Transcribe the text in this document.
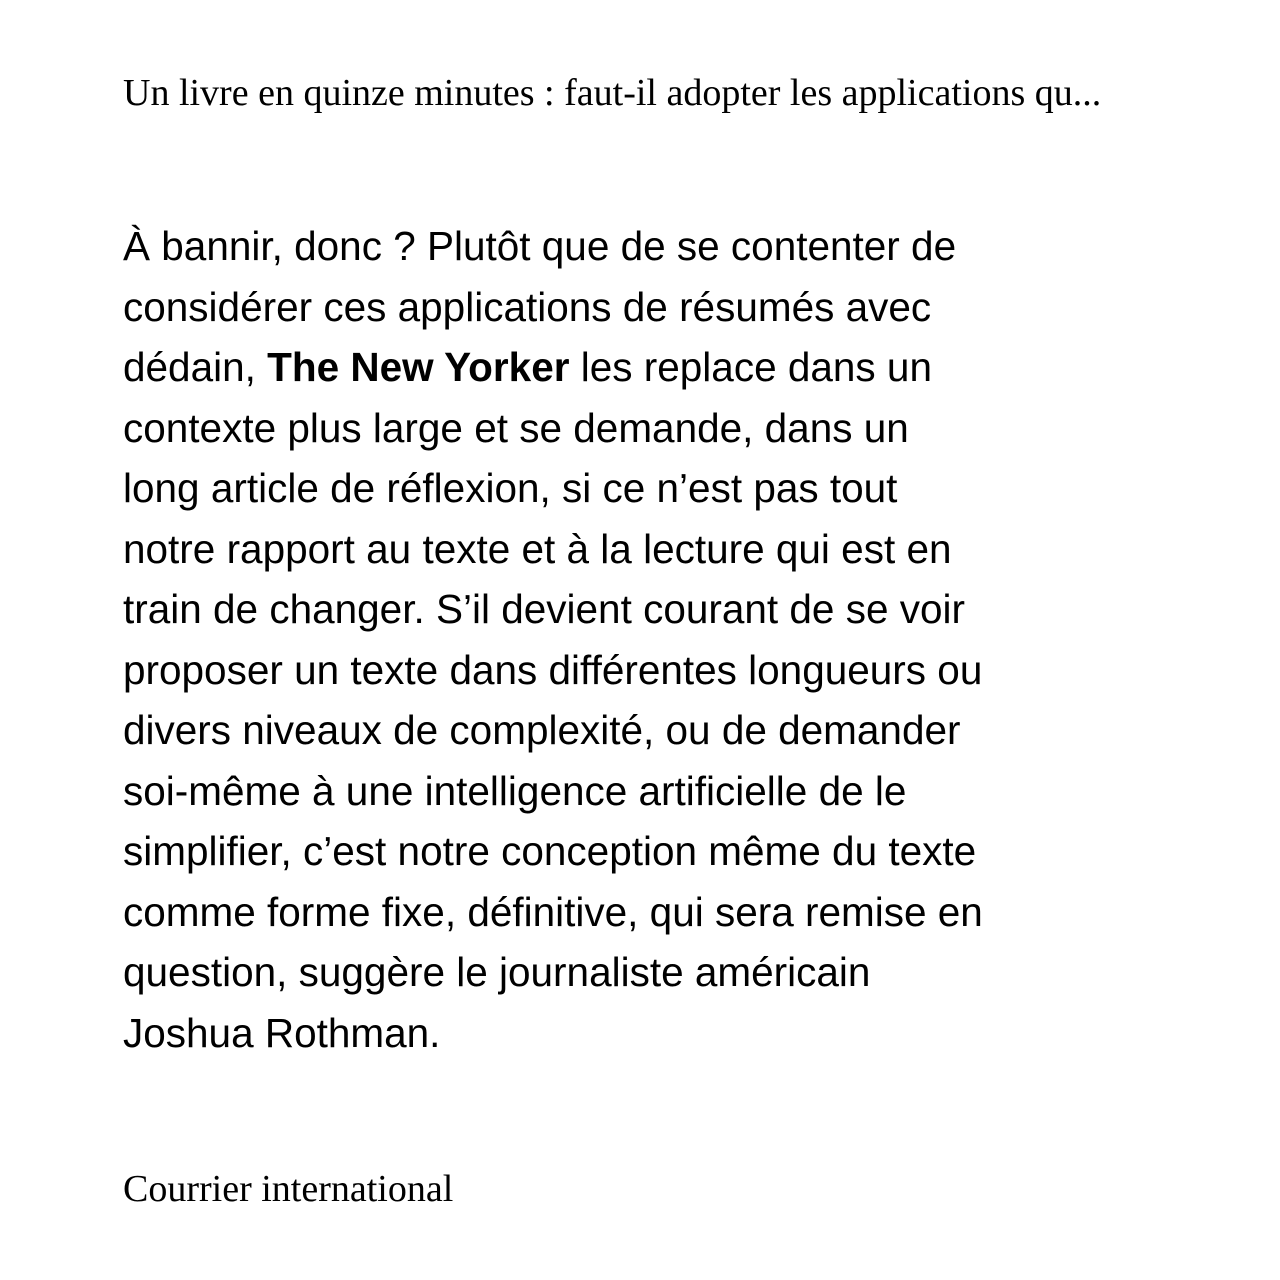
Un livre en quinze minutes : faut-il adopter les applications qu...

À bannir, donc ? Plutôt que de se contenter de
considérer ces applications de résumés avec
dédain, The New Yorker les replace dans un
contexte plus large et se demande, dans un
long article de réflexion, si ce n’est pas tout
notre rapport au texte et à la lecture qui est en
train de changer. S’il devient courant de se voir
proposer un texte dans différentes longueurs ou
divers niveaux de complexité, ou de demander
soi-même à une intelligence artificielle de le
simplifier, c’est notre conception même du texte
comme forme fixe, définitive, qui sera remise en
question, suggère le journaliste américain
Joshua Rothman.

Courrier international
